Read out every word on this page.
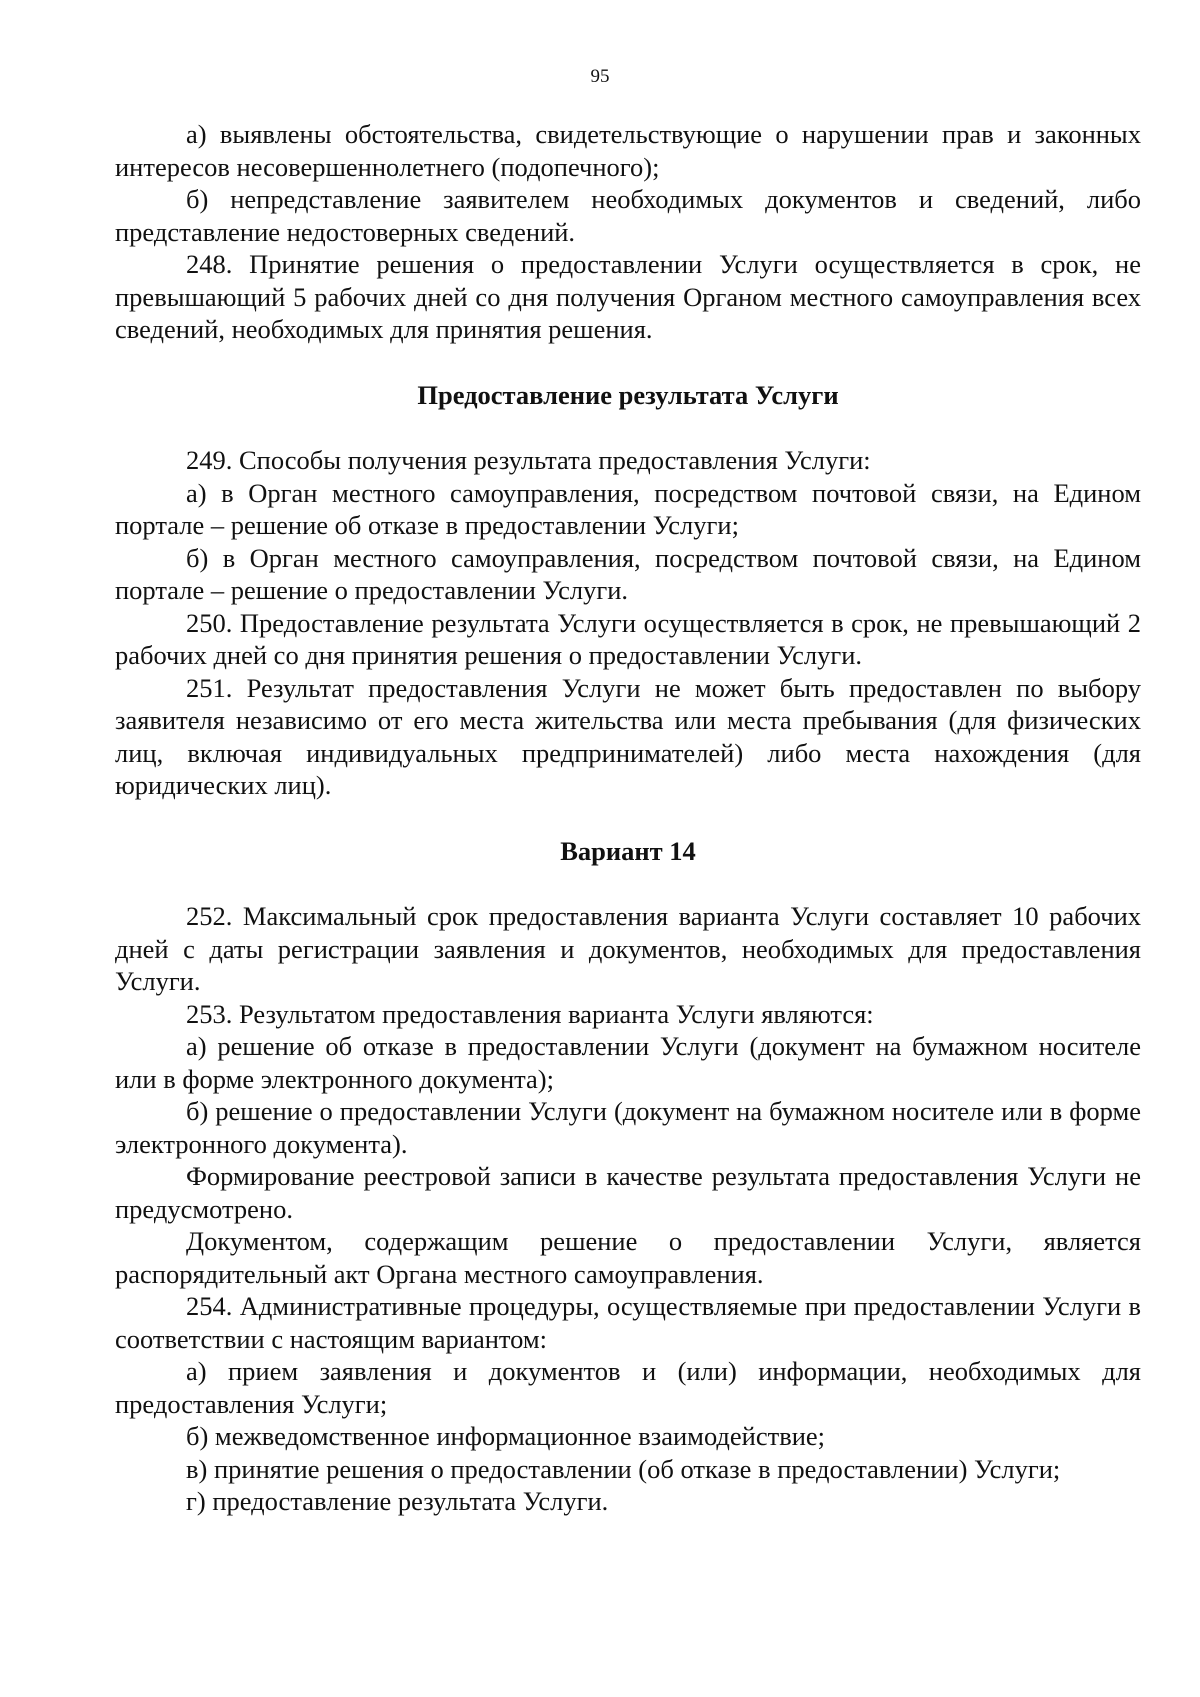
95

а) выявлены обстоятельства, свидетельствующие о нарушении прав и законных интересов несовершеннолетнего (подопечного);

б) непредставление заявителем необходимых документов и сведений, либо представление недостоверных сведений.

248. Принятие решения о предоставлении Услуги осуществляется в срок, не превышающий 5 рабочих дней со дня получения Органом местного самоуправления всех сведений, необходимых для принятия решения.

Предоставление результата Услуги

249. Способы получения результата предоставления Услуги:

а) в Орган местного самоуправления, посредством почтовой связи, на Едином портале – решение об отказе в предоставлении Услуги;

б) в Орган местного самоуправления, посредством почтовой связи, на Едином портале – решение о предоставлении Услуги.

250. Предоставление результата Услуги осуществляется в срок, не превышающий 2 рабочих дней со дня принятия решения о предоставлении Услуги.

251. Результат предоставления Услуги не может быть предоставлен по выбору заявителя независимо от его места жительства или места пребывания (для физических лиц, включая индивидуальных предпринимателей) либо места нахождения (для юридических лиц).

Вариант 14

252. Максимальный срок предоставления варианта Услуги составляет 10 рабочих дней с даты регистрации заявления и документов, необходимых для предоставления Услуги.

253. Результатом предоставления варианта Услуги являются:

а) решение об отказе в предоставлении Услуги (документ на бумажном носителе или в форме электронного документа);

б) решение о предоставлении Услуги (документ на бумажном носителе или в форме электронного документа).

Формирование реестровой записи в качестве результата предоставления Услуги не предусмотрено.

Документом, содержащим решение о предоставлении Услуги, является распорядительный акт Органа местного самоуправления.

254. Административные процедуры, осуществляемые при предоставлении Услуги в соответствии с настоящим вариантом:

а) прием заявления и документов и (или) информации, необходимых для предоставления Услуги;

б) межведомственное информационное взаимодействие;

в) принятие решения о предоставлении (об отказе в предоставлении) Услуги;

г) предоставление результата Услуги.
